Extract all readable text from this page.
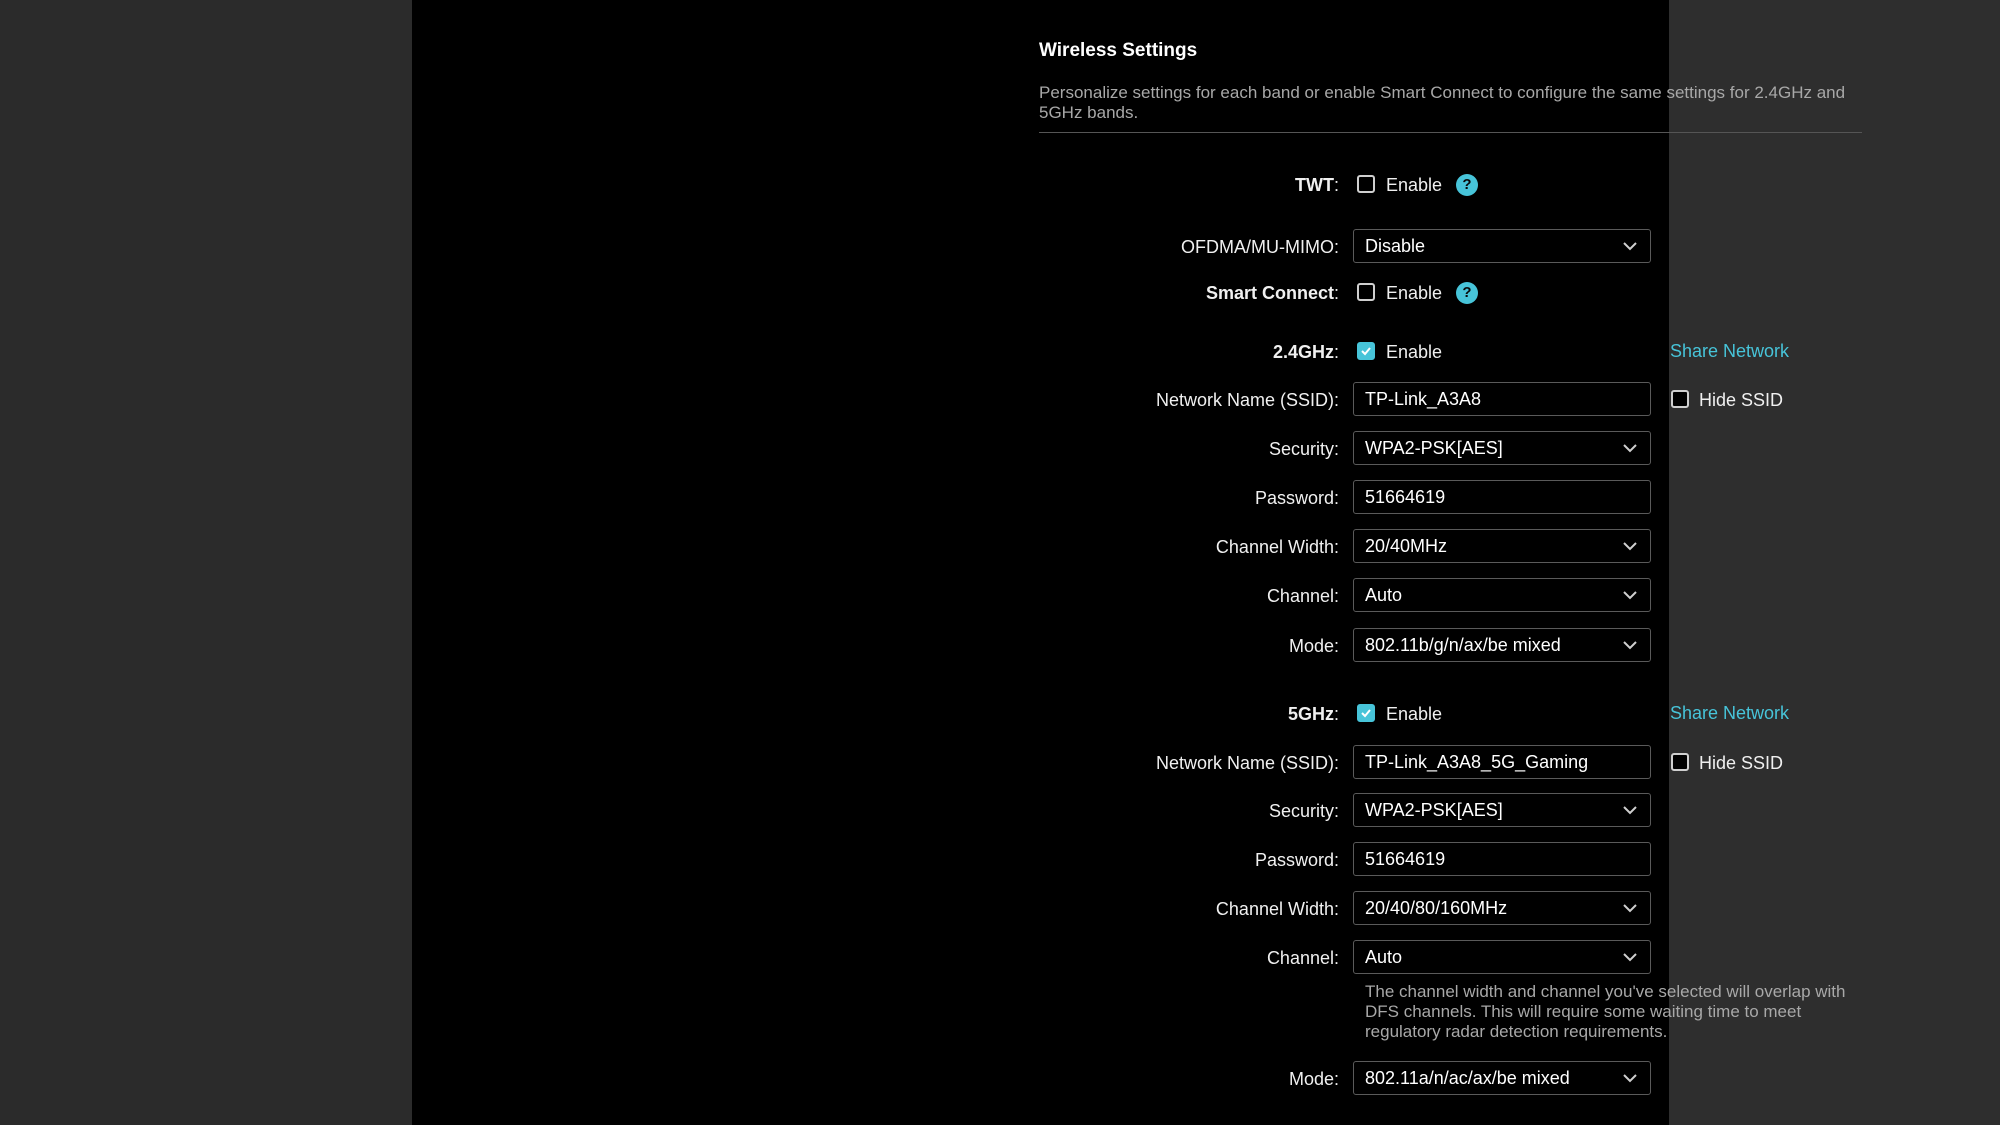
Wireless Settings
Personalize settings for each band or enable Smart Connect to configure the same settings for 2.4GHz and 5GHz bands.
TWT:	Enable	?
OFDMA/MU-MIMO: Disable
Smart Connect:	Enable	?
2.4GHz:	Enable	Share Network
Network Name (SSID): TP-Link_A3A8	Hide SSID
Security: WPA2-PSK[AES]
Password: 51664619
Channel Width: 20/40MHz
Channel: Auto
Mode: 802.11b/g/n/ax/be mixed
5GHz:	Enable	Share Network
Network Name (SSID): TP-Link_A3A8_5G_Gaming	Hide SSID
Security: WPA2-PSK[AES]
Password: 51664619
Channel Width: 20/40/80/160MHz
Channel: Auto
The channel width and channel you've selected will overlap with DFS channels. This will require some waiting time to meet regulatory radar detection requirements.
Mode: 802.11a/n/ac/ax/be mixed
